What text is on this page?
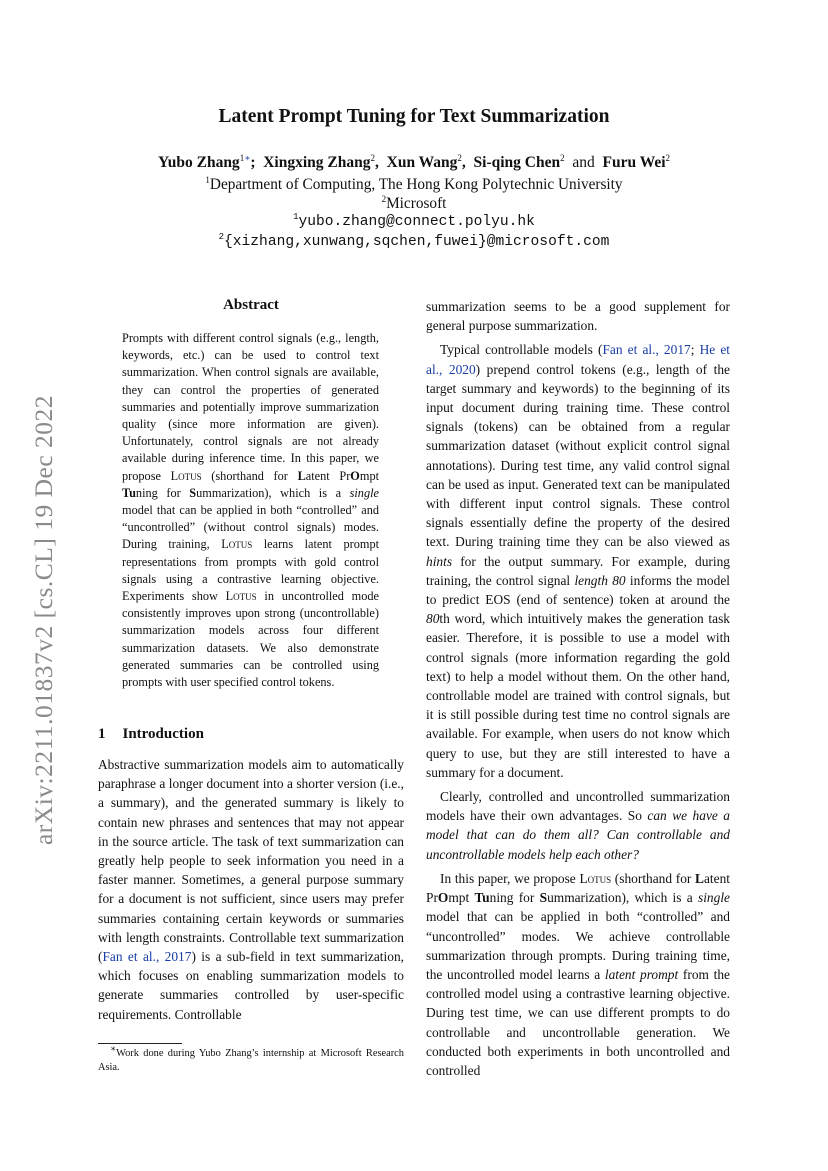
arXiv:2211.01837v2 [cs.CL] 19 Dec 2022
Latent Prompt Tuning for Text Summarization
Yubo Zhang$^{1∗}$;  Xingxing Zhang$^2$,  Xun Wang$^2$,  Si-qing Chen$^2$ and Furu Wei$^2$
$^1$Department of Computing, The Hong Kong Polytechnic University
$^2$Microsoft
$^1$yubo.zhang@connect.polyu.hk
$^2${xizhang,xunwang,sqchen,fuwei}@microsoft.com
Abstract
Prompts with different control signals (e.g., length, keywords, etc.) can be used to control text summarization. When control signals are available, they can control the properties of generated summaries and potentially improve summarization quality (since more information are given). Unfortunately, control signals are not already available during inference time. In this paper, we propose Lotus (shorthand for Latent PrOmpt Tuning for Summarization), which is a single model that can be applied in both “controlled” and “uncontrolled” (without control signals) modes. During training, Lotus learns latent prompt representations from prompts with gold control signals using a contrastive learning objective. Experiments show Lotus in uncontrolled mode consistently improves upon strong (uncontrollable) summarization models across four different summarization datasets. We also demonstrate generated summaries can be controlled using prompts with user specified control tokens.
1 Introduction

Abstractive summarization models aim to automatically paraphrase a longer document into a shorter version (i.e., a summary), and the generated summary is likely to contain new phrases and sentences that may not appear in the source article. The task of text summarization can greatly help people to seek information you need in a faster manner. Sometimes, a general purpose summary for a document is not sufficient, since users may prefer summaries containing certain keywords or summaries with length constraints. Controllable text summarization (Fan et al., 2017) is a sub-field in text summarization, which focuses on enabling summarization models to generate summaries controlled by user-specific requirements. Controllable

∗Work done during Yubo Zhang’s internship at Microsoft Research Asia.

summarization seems to be a good supplement for general purpose summarization.

Typical controllable models (Fan et al., 2017; He et al., 2020) prepend control tokens (e.g., length of the target summary and keywords) to the beginning of its input document during training time. These control signals (tokens) can be obtained from a regular summarization dataset (without explicit control signal annotations). During test time, any valid control signal can be used as input. Generated text can be manipulated with different input control signals. These control signals essentially define the property of the desired text. During training time they can be also viewed as hints for the output summary. For example, during training, the control signal length 80 informs the model to predict EOS (end of sentence) token at around the 80th word, which intuitively makes the generation task easier. Therefore, it is possible to use a model with control signals (more information regarding the gold text) to help a model without them. On the other hand, controllable model are trained with control signals, but it is still possible during test time no control signals are available. For example, when users do not know which query to use, but they are still interested to have a summary for a document.

Clearly, controlled and uncontrolled summarization models have their own advantages. So can we have a model that can do them all? Can controllable and uncontrollable models help each other?

In this paper, we propose Lotus (shorthand for Latent PrOmpt Tuning for Summarization), which is a single model that can be applied in both “controlled” and “uncontrolled” modes. We achieve controllable summarization through prompts. During training time, the uncontrolled model learns a latent prompt from the controlled model using a contrastive learning objective. During test time, we can use different prompts to do controllable and uncontrollable generation. We conducted both experiments in both uncontrolled and controlled
